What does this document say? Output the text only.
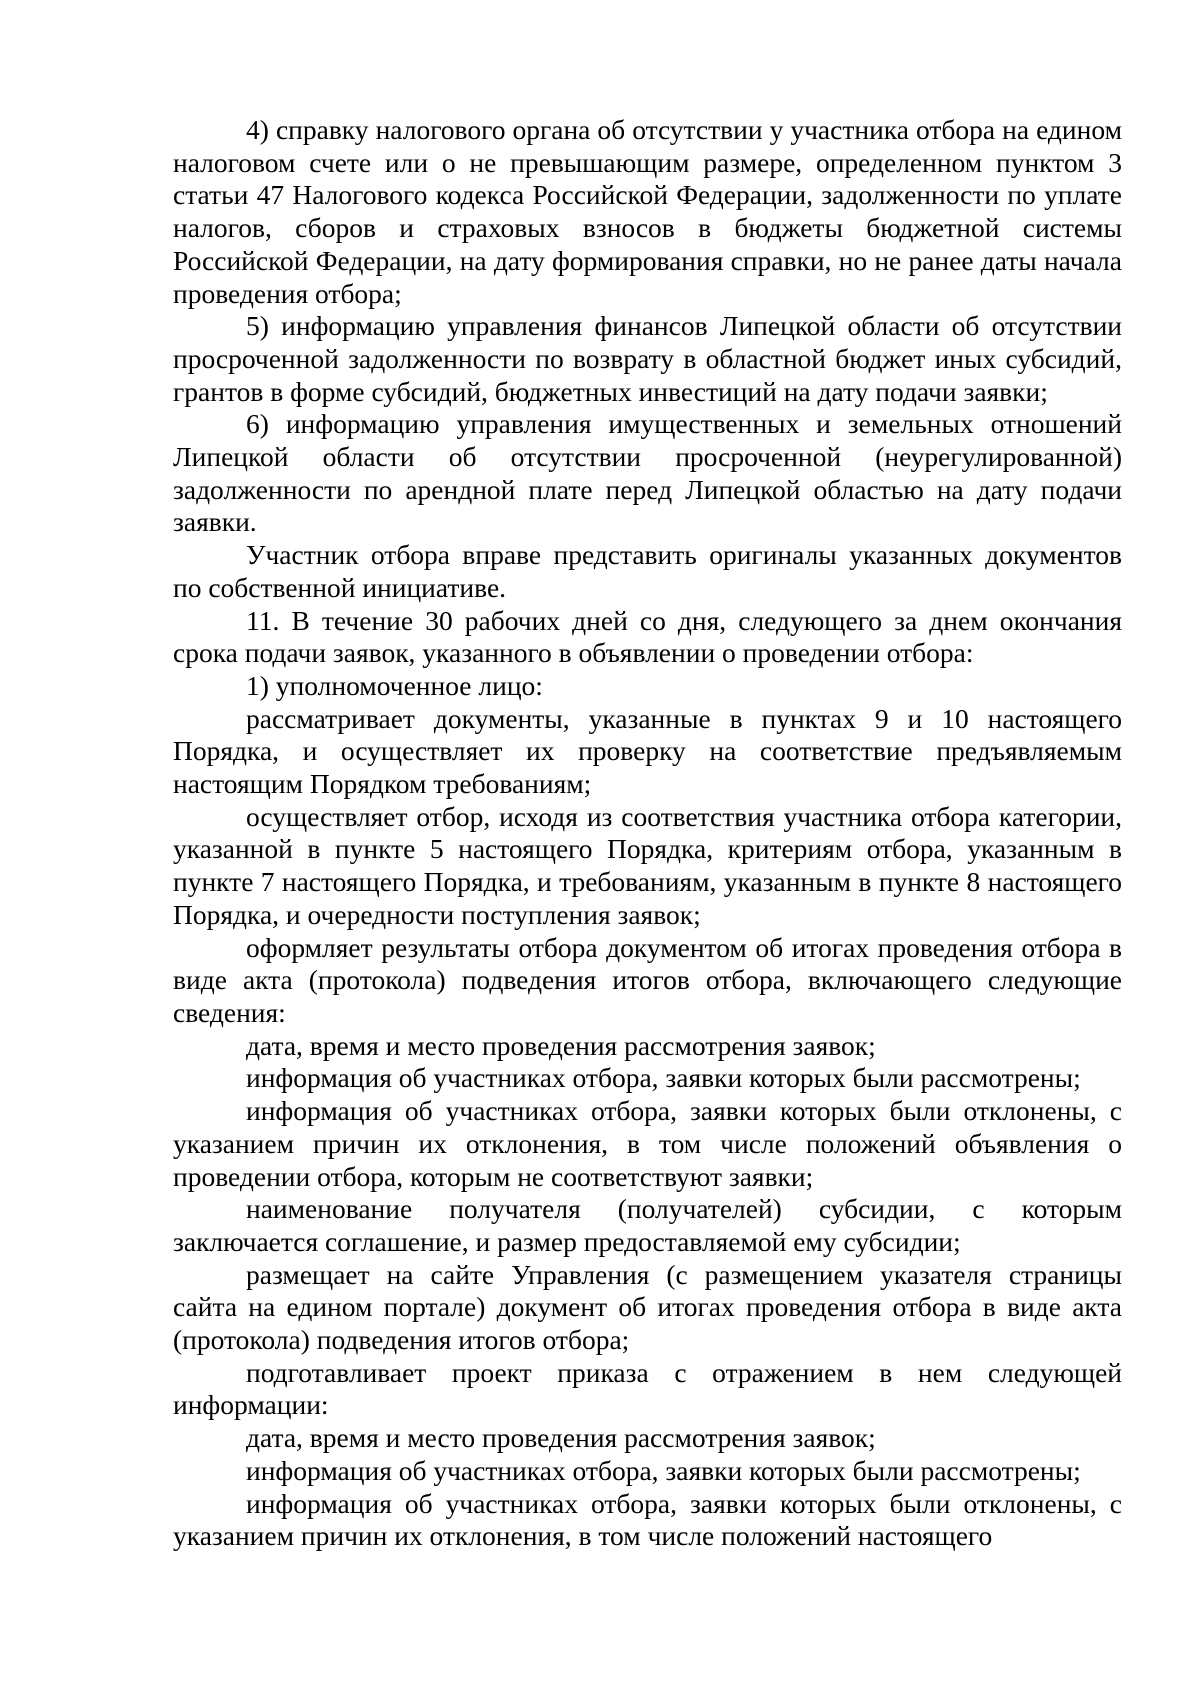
4) справку налогового органа об отсутствии у участника отбора на едином налоговом счете или о не превышающим размере, определенном пунктом 3 статьи 47 Налогового кодекса Российской Федерации, задолженности по уплате налогов, сборов и страховых взносов в бюджеты бюджетной системы Российской Федерации, на дату формирования справки, но не ранее даты начала проведения отбора;

5) информацию управления финансов Липецкой области об отсутствии просроченной задолженности по возврату в областной бюджет иных субсидий, грантов в форме субсидий, бюджетных инвестиций на дату подачи заявки;

6) информацию управления имущественных и земельных отношений Липецкой области об отсутствии просроченной (неурегулированной) задолженности по арендной плате перед Липецкой областью на дату подачи заявки.

Участник отбора вправе представить оригиналы указанных документов по собственной инициативе.

11. В течение 30 рабочих дней со дня, следующего за днем окончания срока подачи заявок, указанного в объявлении о проведении отбора:

1) уполномоченное лицо:

рассматривает документы, указанные в пунктах 9 и 10 настоящего Порядка, и осуществляет их проверку на соответствие предъявляемым настоящим Порядком требованиям;

осуществляет отбор, исходя из соответствия участника отбора категории, указанной в пункте 5 настоящего Порядка, критериям отбора, указанным в пункте 7 настоящего Порядка, и требованиям, указанным в пункте 8 настоящего Порядка, и очередности поступления заявок;

оформляет результаты отбора документом об итогах проведения отбора в виде акта (протокола) подведения итогов отбора, включающего следующие сведения:

дата, время и место проведения рассмотрения заявок;

информация об участниках отбора, заявки которых были рассмотрены;

информация об участниках отбора, заявки которых были отклонены, с указанием причин их отклонения, в том числе положений объявления о проведении отбора, которым не соответствуют заявки;

наименование получателя (получателей) субсидии, с которым заключается соглашение, и размер предоставляемой ему субсидии;

размещает на сайте Управления (с размещением указателя страницы сайта на едином портале) документ об итогах проведения отбора в виде акта (протокола) подведения итогов отбора;

подготавливает проект приказа с отражением в нем следующей информации:

дата, время и место проведения рассмотрения заявок;

информация об участниках отбора, заявки которых были рассмотрены;

информация об участниках отбора, заявки которых были отклонены, с указанием причин их отклонения, в том числе положений настоящего
